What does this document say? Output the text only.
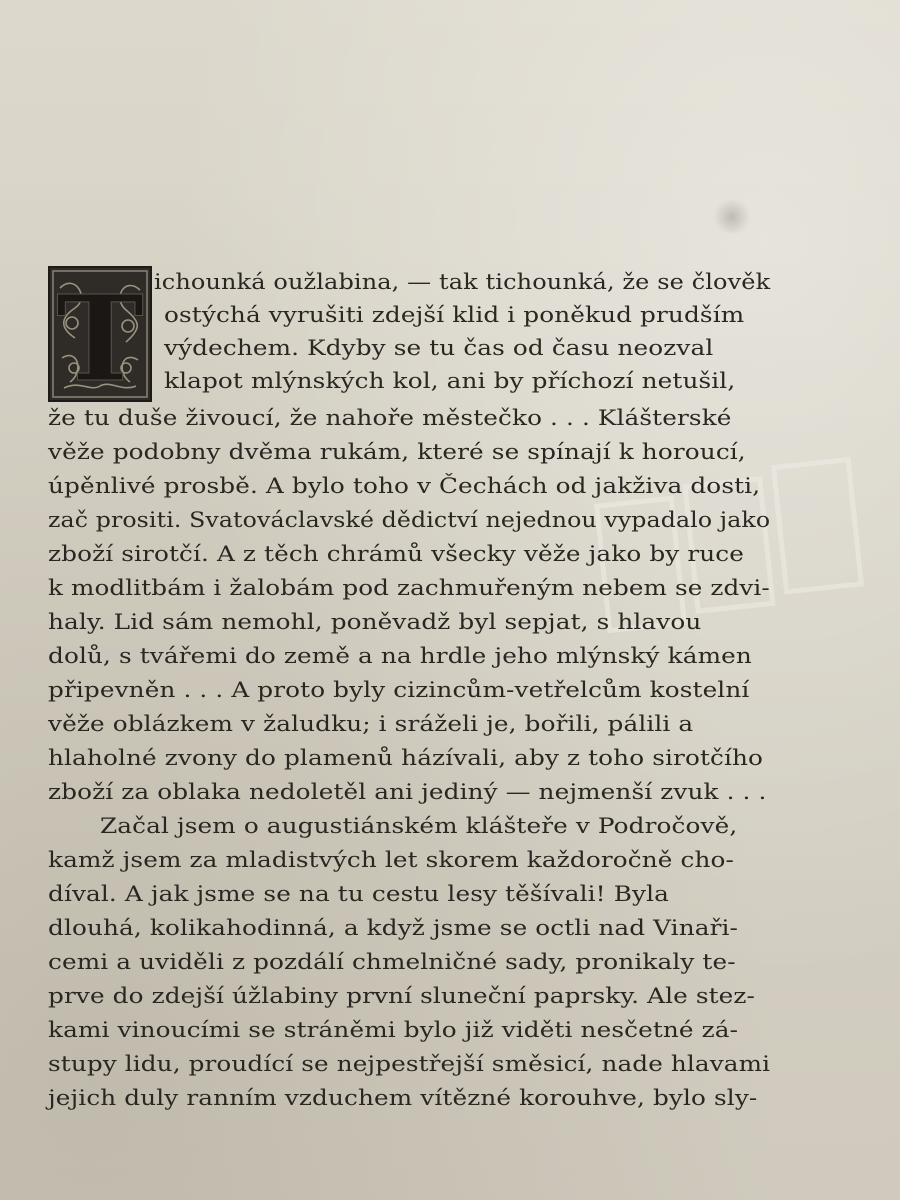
T ichounká oužlabina, — tak tichounká, že se člověk
ostýchá vyrušiti zdejší klid i poněkud prudším
výdechem. Kdyby se tu čas od času neozval
klapot mlýnských kol, ani by příchozí netušil,
že tu duše živoucí, že nahoře městečko . . . Klášterské
věže podobny dvěma rukám, které se spínají k horoucí,
úpěnlivé prosbě. A bylo toho v Čechách od jakživa dosti,
zač prositi. Svatováclavské dědictví nejednou vypadalo jako
zboží sirotčí. A z těch chrámů všecky věže jako by ruce
k modlitbám i žalobám pod zachmuřeným nebem se zdvi-
haly. Lid sám nemohl, poněvadž byl sepjat, s hlavou
dolů, s tvářemi do země a na hrdle jeho mlýnský kámen
připevněn . . . A proto byly cizincům-vetřelcům kostelní
věže oblázkem v žaludku; i sráželi je, bořili, pálili a
hlaholné zvony do plamenů házívali, aby z toho sirotčího
zboží za oblaka nedoletěl ani jediný — nejmenší zvuk . . .
Začal jsem o augustiánském klášteře v Področově,
kamž jsem za mladistvých let skorem každoročně cho-
díval. A jak jsme se na tu cestu lesy těšívali! Byla
dlouhá, kolikahodinná, a když jsme se octli nad Vinaři-
cemi a uviděli z pozdálí chmelničné sady, pronikaly te-
prve do zdejší úžlabiny první sluneční paprsky. Ale stez-
kami vinoucími se stráněmi bylo již viděti nesčetné zá-
stupy lidu, proudící se nejpestřejší směsicí, nade hlavami
jejich duly ranním vzduchem vítězné korouhve, bylo sly-
